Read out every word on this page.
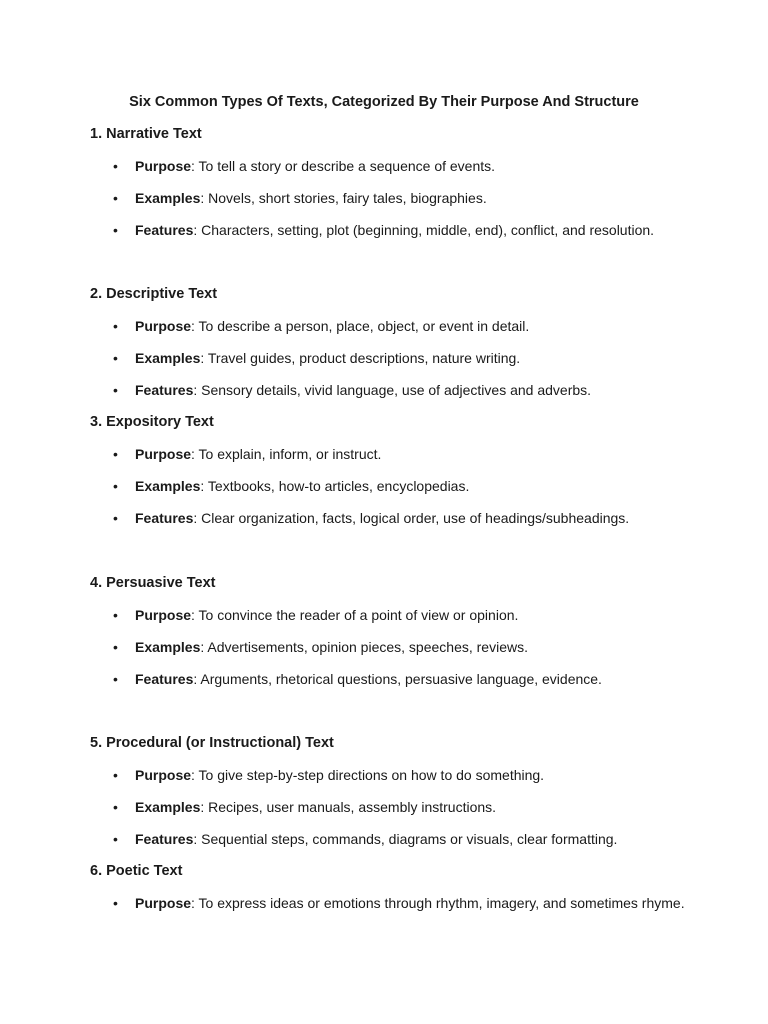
Six Common Types Of Texts, Categorized By Their Purpose And Structure
1. Narrative Text
• Purpose: To tell a story or describe a sequence of events.
• Examples: Novels, short stories, fairy tales, biographies.
• Features: Characters, setting, plot (beginning, middle, end), conflict, and resolution.
2. Descriptive Text
• Purpose: To describe a person, place, object, or event in detail.
• Examples: Travel guides, product descriptions, nature writing.
• Features: Sensory details, vivid language, use of adjectives and adverbs.
3. Expository Text
• Purpose: To explain, inform, or instruct.
• Examples: Textbooks, how-to articles, encyclopedias.
• Features: Clear organization, facts, logical order, use of headings/subheadings.
4. Persuasive Text
• Purpose: To convince the reader of a point of view or opinion.
• Examples: Advertisements, opinion pieces, speeches, reviews.
• Features: Arguments, rhetorical questions, persuasive language, evidence.
5. Procedural (or Instructional) Text
• Purpose: To give step-by-step directions on how to do something.
• Examples: Recipes, user manuals, assembly instructions.
• Features: Sequential steps, commands, diagrams or visuals, clear formatting.
6. Poetic Text
• Purpose: To express ideas or emotions through rhythm, imagery, and sometimes rhyme.
